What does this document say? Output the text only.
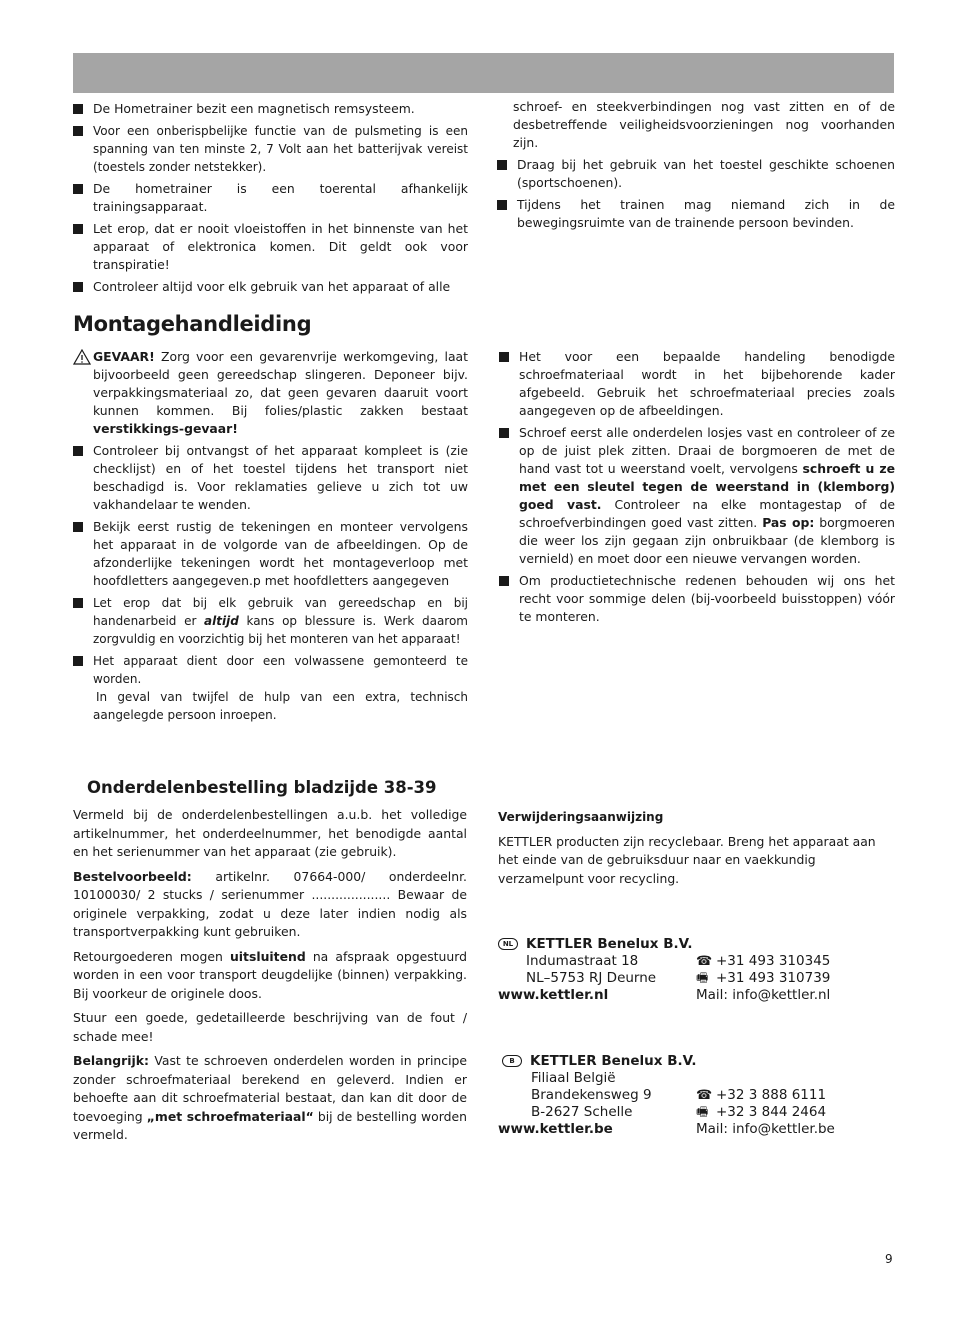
De Hometrainer bezit een magnetisch remsysteem.
Voor een onberispbelijke functie van de pulsmeting is een spanning van ten minste 2, 7 Volt aan het batterijvak vereist (toestels zonder netstekker).
De hometrainer is een toerental afhankelijk trainingsapparaat.
Let erop, dat er nooit vloeistoffen in het binnenste van het apparaat of elektronica komen. Dit geldt ook voor transpiratie!
Controleer altijd voor elk gebruik van het apparaat of alle
schroef- en steekverbindingen nog vast zitten en of de desbetreffende veiligheidsvoorzieningen nog voorhanden zijn.
Draag bij het gebruik van het toestel geschikte schoenen (sportschoenen).
Tijdens het trainen mag niemand zich in de bewegingsruimte van de trainende persoon bevinden.
Montagehandleiding
GEVAAR! Zorg voor een gevarenvrije werkomgeving, laat bijvoorbeeld geen gereedschap slingeren. Deponeer bijv. verpakkingsmateriaal zo, dat geen gevaren daaruit voort kunnen kommen. Bij folies/plastic zakken bestaat verstikkings-gevaar!
Controleer bij ontvangst of het apparaat kompleet is (zie checklijst) en of het toestel tijdens het transport niet beschadigd is. Voor reklamaties gelieve u zich tot uw vakhandelaar te wenden.
Bekijk eerst rustig de tekeningen en monteer vervolgens het apparaat in de volgorde van de afbeeldingen. Op de afzonderlijke tekeningen wordt het montageverloop met hoofdletters aangegeven.p met hoofdletters aangegeven
Let erop dat bij elk gebruik van gereedschap en bij handenarbeid er altijd kans op blessure is. Werk daarom zorgvuldig en voorzichtig bij het monteren van het apparaat!
Het apparaat dient door een volwassene gemonteerd te worden.
In geval van twijfel de hulp van een extra, technisch aangelegde persoon inroepen.
Het voor een bepaalde handeling benodigde schroefmateriaal wordt in het bijbehorende kader afgebeeld. Gebruik het schroefmateriaal precies zoals aangegeven op de afbeeldingen.
Schroef eerst alle onderdelen losjes vast en controleer of ze op de juist plek zitten. Draai de borgmoeren de met de hand vast tot u weerstand voelt, vervolgens schroeft u ze met een sleutel tegen de weerstand in (klemborg) goed vast. Controleer na elke montagestap of de schroefverbindingen goed vast zitten. Pas op: borgmoeren die weer los zijn gegaan zijn onbruikbaar (de klemborg is vernield) en moet door een nieuwe vervangen worden.
Om productietechnische redenen behouden wij ons het recht voor sommige delen (bij-voorbeeld buisstoppen) vóór te monteren.
Onderdelenbestelling bladzijde 38-39

Vermeld bij de onderdelenbestellingen a.u.b. het volledige artikelnummer, het onderdeelnummer, het benodigde aantal en het serienummer van het apparaat (zie gebruik).

Bestelvoorbeeld: artikelnr. 07664-000/ onderdeelnr. 10100030/ 2 stucks / serienummer .................... Bewaar de originele verpakking, zodat u deze later indien nodig als transportverpakking kunt gebruiken.

Retourgoederen mogen uitsluitend na afspraak opgestuurd worden in een voor transport deugdelijke (binnen) verpakking. Bij voorkeur de originele doos.

Stuur een goede, gedetailleerde beschrijving van de fout / schade mee!

Belangrijk: Vast te schroeven onderdelen worden in principe zonder schroefmateriaal berekend en geleverd. Indien er behoefte aan dit schroefmaterial bestaat, dan kan dit door de toevoeging „met schroefmateriaal“ bij de bestelling worden vermeld.

Verwijderingsaanwijzing

KETTLER producten zijn recyclebaar. Breng het apparaat aan het einde van de gebruiksduur naar en vaekkundig verzamelpunt voor recycling.

NL KETTLER Benelux B.V.
Indumastraat 18	☎ +31 493 310345
NL–5753 RJ Deurne	🖷 +31 493 310739
www.kettler.nl	Mail: info@kettler.nl
B KETTLER Benelux B.V.
Filiaal België
Brandekensweg 9	☎ +32 3 888 6111
B-2627 Schelle	🖷 +32 3 844 2464
www.kettler.be	Mail: info@kettler.be
9
